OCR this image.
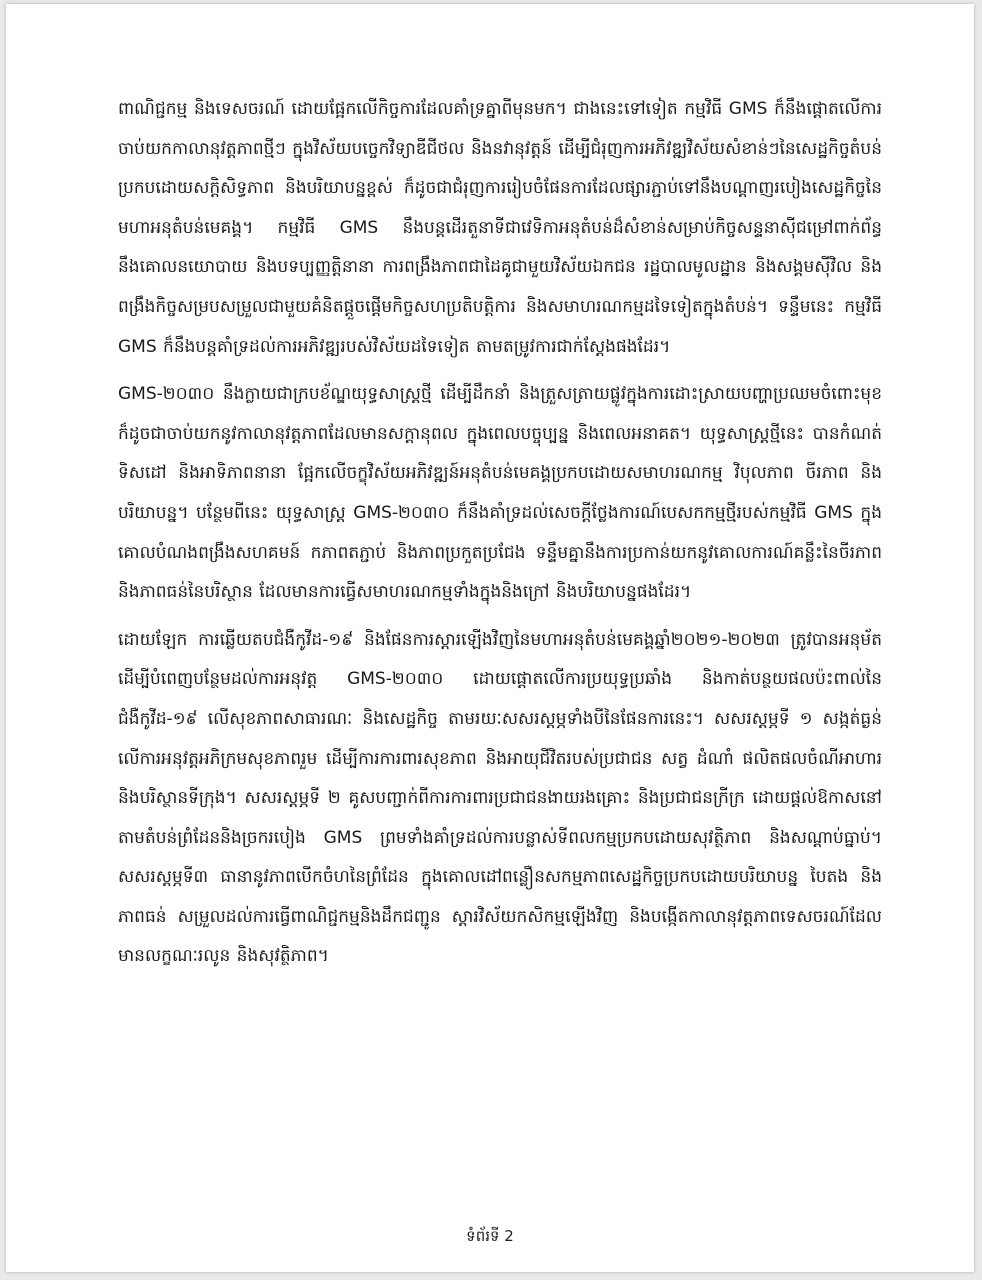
ពាណិជ្ជកម្ម និងទេសចរណ៍ ដោយផ្អែកលើកិច្ចការដែលគាំទ្រគ្នាពីមុនមក។ ជាងនេះទៅទៀត កម្មវិធី GMS ក៏នឹងផ្តោតលើការចាប់យកកាលានុវត្តភាពថ្មីៗ ក្នុងវិស័យបច្ចេកវិទ្យាឌីជីថល និងនវានុវត្តន៍ ដើម្បីជំរុញការអភិវឌ្ឍវិស័យសំខាន់ៗនៃសេដ្ឋកិច្ចតំបន់ ប្រកបដោយសក្តិសិទ្ធភាព និងបរិយាបន្នខ្ពស់ ក៏ដូចជាជំរុញការរៀបចំផែនការដែលផ្សារភ្ជាប់ទៅនឹងបណ្តាញរបៀងសេដ្ឋកិច្ចនៃមហាអនុតំបន់មេគង្គ។ កម្មវិធី GMS នឹងបន្តដើរតួនាទីជាវេទិកាអនុតំបន់ដ៏សំខាន់សម្រាប់កិច្ចសន្ទនាស៊ីជម្រៅពាក់ព័ន្ធនឹងគោលនយោបាយ និងបទប្បញ្ញត្តិនានា ការពង្រឹងភាពជាដៃគូជាមួយវិស័យឯកជន រដ្ឋបាលមូលដ្ឋាន និងសង្គមស៊ីវិល និងពង្រឹងកិច្ចសម្របសម្រួលជាមួយគំនិតផ្តួចផ្តើមកិច្ចសហប្រតិបត្តិការ និងសមាហរណកម្មដទៃទៀតក្នុងតំបន់។ ទន្ទឹមនេះ កម្មវិធី GMS ក៏នឹងបន្តគាំទ្រដល់ការអភិវឌ្ឍរបស់វិស័យដទៃទៀត តាមតម្រូវការជាក់ស្តែងផងដែរ។

GMS-២០៣០ នឹងក្លាយជាក្របខ័ណ្ឌយុទ្ធសាស្ត្រថ្មី ដើម្បីដឹកនាំ និងត្រួសត្រាយផ្លូវក្នុងការដោះស្រាយបញ្ហាប្រឈមចំពោះមុខ ក៏ដូចជាចាប់យកនូវកាលានុវត្តភាពដែលមានសក្តានុពល ក្នុងពេលបច្ចុប្បន្ន និងពេលអនាគត។ យុទ្ធសាស្ត្រថ្មីនេះ បានកំណត់ទិសដៅ និងអាទិភាពនានា ផ្អែកលើចក្ខុវិស័យអភិវឌ្ឍន៍អនុតំបន់មេគង្គប្រកបដោយសមាហរណកម្ម វិបុលភាព ចីរភាព និងបរិយាបន្ន។ បន្ថែមពីនេះ យុទ្ធសាស្ត្រ GMS-២០៣០ ក៏នឹងគាំទ្រដល់សេចក្តីថ្លែងការណ៍បេសកកម្មថ្មីរបស់កម្មវិធី GMS ក្នុងគោលបំណងពង្រឹងសហគមន៍ កភាពតភ្ជាប់ និងភាពប្រកួតប្រជែង ទន្ទឹមគ្នានឹងការប្រកាន់យកនូវគោលការណ៍គន្លឹះនៃចីរភាពនិងភាពធន់នៃបរិស្ថាន ដែលមានការធ្វើសមាហរណកម្មទាំងក្នុងនិងក្រៅ និងបរិយាបន្នផងដែរ។

ដោយឡែក ការឆ្លើយតបជំងឺកូវីដ-១៩ និងផែនការស្តារឡើងវិញនៃមហាអនុតំបន់មេគង្គឆ្នាំ២០២១-២០២៣ ត្រូវបានអនុម័ត ដើម្បីបំពេញបន្ថែមដល់ការអនុវត្ត GMS-២០៣០ ដោយផ្តោតលើការប្រយុទ្ធប្រឆាំង និងកាត់បន្ថយផលប៉ះពាល់នៃជំងឺកូវីដ-១៩ លើសុខភាពសាធារណៈ និងសេដ្ឋកិច្ច តាមរយៈសសរស្តម្ភទាំងបីនៃផែនការនេះ។ សសរស្តម្ភទី ១ សង្កត់ធ្ងន់លើការអនុវត្តអភិក្រមសុខភាពរួម ដើម្បីការការពារសុខភាព និងអាយុជីវិតរបស់ប្រជាជន សត្វ ដំណាំ ផលិតផលចំណីអាហារ និងបរិស្ថានទីក្រុង។ សសរស្តម្ភទី ២ គូសបញ្ជាក់ពីការការពារប្រជាជនងាយរងគ្រោះ និងប្រជាជនក្រីក្រ ដោយផ្តល់ឱកាសនៅតាមតំបន់ព្រំដែននិងច្រករបៀង GMS ព្រមទាំងគាំទ្រដល់ការបន្លាស់ទីពលកម្មប្រកបដោយសុវត្ថិភាព និងសណ្តាប់ធ្នាប់។ សសរស្តម្ភទី៣ ធានានូវភាពបើកចំហនៃព្រំដែន ក្នុងគោលដៅពន្លឿនសកម្មភាពសេដ្ឋកិច្ចប្រកបដោយបរិយាបន្ន បៃតង និងភាពធន់ សម្រួលដល់ការធ្វើពាណិជ្ជកម្មនិងដឹកជញ្ជូន ស្តារវិស័យកសិកម្មឡើងវិញ និងបង្កើតកាលានុវត្តភាពទេសចរណ៍ដែលមានលក្ខណៈរលូន និងសុវត្ថិភាព។

ទំព័រទី 2
